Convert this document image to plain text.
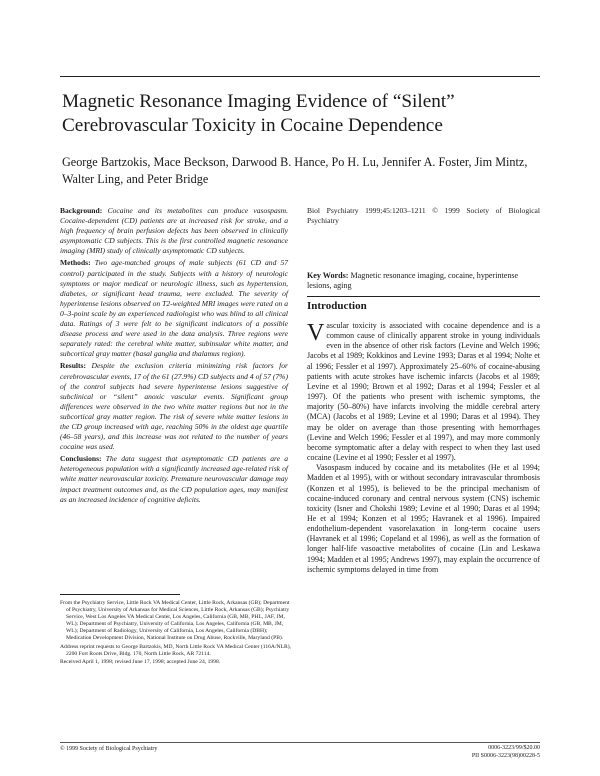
Magnetic Resonance Imaging Evidence of “Silent” Cerebrovascular Toxicity in Cocaine Dependence
George Bartzokis, Mace Beckson, Darwood B. Hance, Po H. Lu, Jennifer A. Foster, Jim Mintz, Walter Ling, and Peter Bridge

Background: Cocaine and its metabolites can produce vasospasm. Cocaine-dependent (CD) patients are at increased risk for stroke, and a high frequency of brain perfusion defects has been observed in clinically asymptomatic CD subjects. This is the first controlled magnetic resonance imaging (MRI) study of clinically asymptomatic CD subjects.

Methods: Two age-matched groups of male subjects (61 CD and 57 control) participated in the study. Subjects with a history of neurologic symptoms or major medical or neurologic illness, such as hypertension, diabetes, or significant head trauma, were excluded. The severity of hyperintense lesions observed on T2-weighted MRI images were rated on a 0–3-point scale by an experienced radiologist who was blind to all clinical data. Ratings of 3 were felt to be significant indicators of a possible disease process and were used in the data analysis. Three regions were separately rated: the cerebral white matter, subinsular white matter, and subcortical gray matter (basal ganglia and thalamus region).

Results: Despite the exclusion criteria minimizing risk factors for cerebrovascular events, 17 of the 61 (27.9%) CD subjects and 4 of 57 (7%) of the control subjects had severe hyperintense lesions suggestive of subclinical or “silent” anoxic vascular events. Significant group differences were observed in the two white matter regions but not in the subcortical gray matter region. The risk of severe white matter lesions in the CD group increased with age, reaching 50% in the oldest age quartile (46–58 years), and this increase was not related to the number of years cocaine was used.

Conclusions: The data suggest that asymptomatic CD patients are a heterogeneous population with a significantly increased age-related risk of white matter neurovascular toxicity. Premature neurovascular damage may impact treatment outcomes and, as the CD population ages, may manifest as an increased incidence of cognitive deficits.

Biol Psychiatry 1999;45:1203–1211 © 1999 Society of Biological Psychiatry

Key Words: Magnetic resonance imaging, cocaine, hyperintense lesions, aging
Introduction

Vascular toxicity is associated with cocaine dependence and is a common cause of clinically apparent stroke in young individuals even in the absence of other risk factors (Levine and Welch 1996; Jacobs et al 1989; Kokkinos and Levine 1993; Daras et al 1994; Nolte et al 1996; Fessler et al 1997). Approximately 25–60% of cocaine-abusing patients with acute strokes have ischemic infarcts (Jacobs et al 1989; Levine et al 1990; Brown et al 1992; Daras et al 1994; Fessler et al 1997). Of the patients who present with ischemic symptoms, the majority (50–80%) have infarcts involving the middle cerebral artery (MCA) (Jacobs et al 1989; Levine et al 1990; Daras et al 1994). They may be older on average than those presenting with hemorrhages (Levine and Welch 1996; Fessler et al 1997), and may more commonly become symptomatic after a delay with respect to when they last used cocaine (Levine et al 1990; Fessler et al 1997).

Vasospasm induced by cocaine and its metabolites (He et al 1994; Madden et al 1995), with or without secondary intravascular thrombosis (Konzen et al 1995), is believed to be the principal mechanism of cocaine-induced coronary and central nervous system (CNS) ischemic toxicity (Isner and Chokshi 1989; Levine et al 1990; Daras et al 1994; He et al 1994; Konzen et al 1995; Havranek et al 1996). Impaired endothelium-dependent vasorelaxation in long-term cocaine users (Havranek et al 1996; Copeland et al 1996), as well as the formation of longer half-life vasoactive metabolites of cocaine (Lin and Leskawa 1994; Madden et al 1995; Andrews 1997), may explain the occurrence of ischemic symptoms delayed in time from

From the Psychiatry Service, Little Rock VA Medical Center, Little Rock, Arkansas (GB); Department of Psychiatry, University of Arkansas for Medical Sciences, Little Rock, Arkansas (GB); Psychiatry Service, West Los Angeles VA Medical Center, Los Angeles, California (GB, MB, PHL, JAF, JM, WL); Department of Psychiatry, University of California, Los Angeles, California (GB, MB, JM, WL); Department of Radiology, University of California, Los Angeles, California (DBH); Medication Development Division, National Institute on Drug Abuse, Rockville, Maryland (PB).

Address reprint requests to George Bartzokis, MD, North Little Rock VA Medical Center (116A/NLR), 2200 Fort Roots Drive, Bldg. 170, North Little Rock, AR 72114.

Received April 1, 1998; revised June 17, 1998; accepted June 24, 1998.

© 1999 Society of Biological Psychiatry	0006-3223/99/$20.00
PII S0006-3223(98)00228-5
